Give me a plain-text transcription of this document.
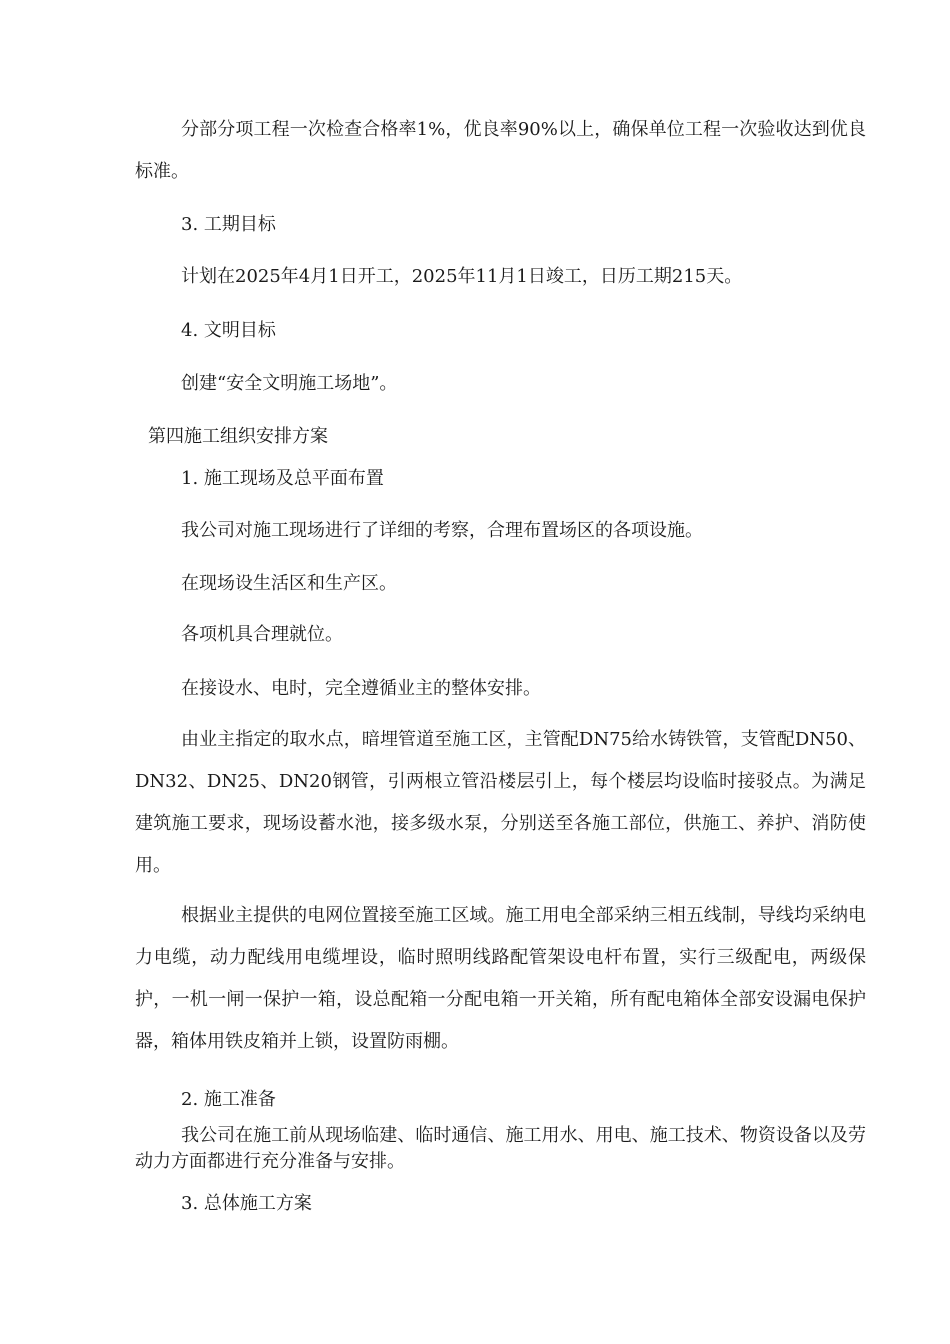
分部分项工程一次检查合格率1%，优良率90%以上，确保单位工程一次验收达到优良标准。
3. 工期目标
计划在2025年4月1日开工，2025年11月1日竣工，日历工期215天。
4. 文明目标
创建“安全文明施工场地”。
第四施工组织安排方案
1. 施工现场及总平面布置
我公司对施工现场进行了详细的考察，合理布置场区的各项设施。
在现场设生活区和生产区。
各项机具合理就位。
在接设水、电时，完全遵循业主的整体安排。
由业主指定的取水点，暗埋管道至施工区，主管配DN75给水铸铁管，支管配DN50、DN32、DN25、DN20钢管，引两根立管沿楼层引上，每个楼层均设临时接驳点。为满足建筑施工要求，现场设蓄水池，接多级水泵，分别送至各施工部位，供施工、养护、消防使用。
根据业主提供的电网位置接至施工区域。施工用电全部采纳三相五线制，导线均采纳电力电缆，动力配线用电缆埋设，临时照明线路配管架设电杆布置，实行三级配电，两级保护，一机一闸一保护一箱，设总配箱一分配电箱一开关箱，所有配电箱体全部安设漏电保护器，箱体用铁皮箱并上锁，设置防雨棚。
2. 施工准备
我公司在施工前从现场临建、临时通信、施工用水、用电、施工技术、物资设备以及劳动力方面都进行充分准备与安排。
3. 总体施工方案
